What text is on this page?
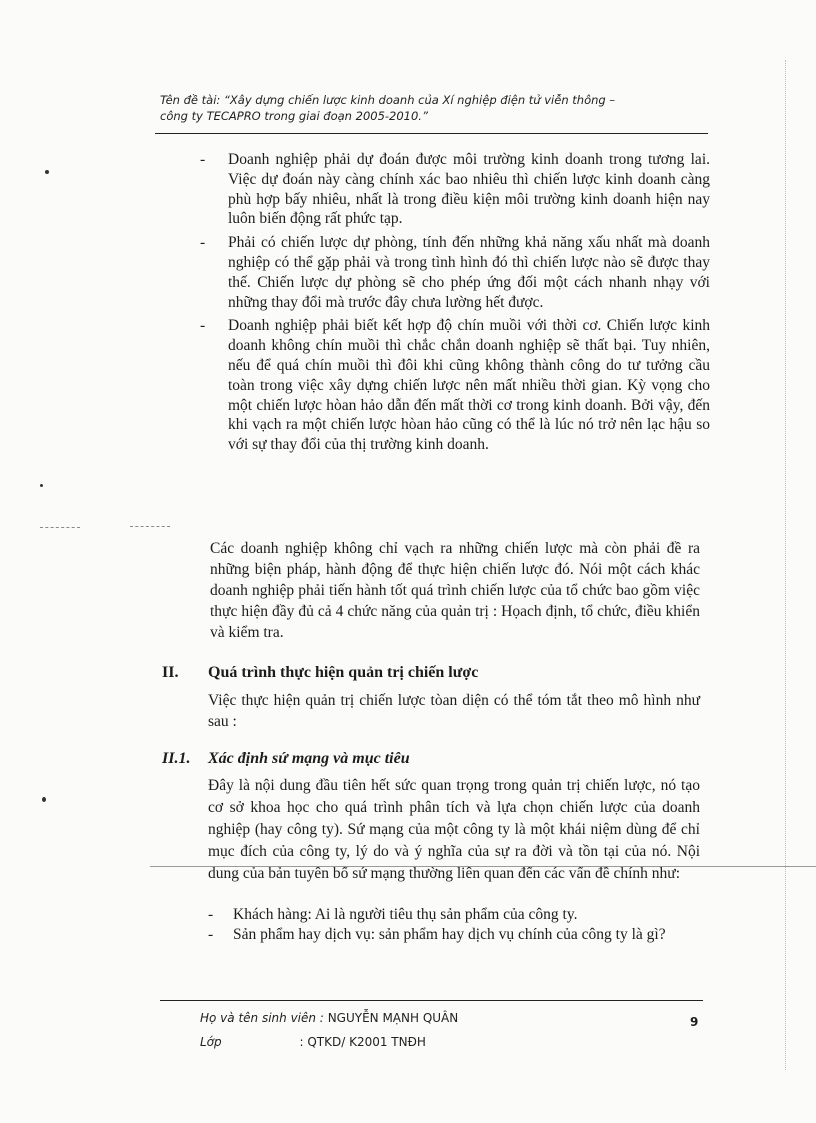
Tên đề tài: “Xây dựng chiến lược kinh doanh của Xí nghiệp điện tử viễn thông –
công ty TECAPRO trong giai đoạn 2005-2010.”
- Doanh nghiệp phải dự đoán được môi trường kinh doanh trong tương lai. Việc dự đoán này càng chính xác bao nhiêu thì chiến lược kinh doanh càng phù hợp bấy nhiêu, nhất là trong điều kiện môi trường kinh doanh hiện nay luôn biến động rất phức tạp.
- Phải có chiến lược dự phòng, tính đến những khả năng xấu nhất mà doanh nghiệp có thể gặp phải và trong tình hình đó thì chiến lược nào sẽ được thay thế. Chiến lược dự phòng sẽ cho phép ứng đối một cách nhanh nhạy với những thay đổi mà trước đây chưa lường hết được.
- Doanh nghiệp phải biết kết hợp độ chín muồi với thời cơ. Chiến lược kinh doanh không chín muồi thì chắc chắn doanh nghiệp sẽ thất bại. Tuy nhiên, nếu để quá chín muồi thì đôi khi cũng không thành công do tư tưởng cầu toàn trong việc xây dựng chiến lược nên mất nhiều thời gian. Kỳ vọng cho một chiến lược hòan hảo dẫn đến mất thời cơ trong kinh doanh. Bởi vậy, đến khi vạch ra một chiến lược hòan hảo cũng có thể là lúc nó trở nên lạc hậu so với sự thay đổi của thị trường kinh doanh.

Các doanh nghiệp không chỉ vạch ra những chiến lược mà còn phải đề ra những biện pháp, hành động để thực hiện chiến lược đó. Nói một cách khác doanh nghiệp phải tiến hành tốt quá trình chiến lược của tổ chức bao gồm việc thực hiện đầy đủ cả 4 chức năng của quản trị : Họach định, tổ chức, điều khiển và kiểm tra.

II. Quá trình thực hiện quản trị chiến lược

Việc thực hiện quản trị chiến lược tòan diện có thể tóm tắt theo mô hình như sau :

II.1. Xác định sứ mạng và mục tiêu

Đây là nội dung đầu tiên hết sức quan trọng trong quản trị chiến lược, nó tạo cơ sở khoa học cho quá trình phân tích và lựa chọn chiến lược của doanh nghiệp (hay công ty). Sứ mạng của một công ty là một khái niệm dùng để chỉ mục đích của công ty, lý do và ý nghĩa của sự ra đời và tồn tại của nó. Nội dung của bản tuyên bố sứ mạng thường liên quan đến các vấn đề chính như:

- Khách hàng: Ai là người tiêu thụ sản phẩm của công ty.
- Sản phẩm hay dịch vụ: sản phẩm hay dịch vụ chính của công ty là gì?
Họ và tên sinh viên : NGUYỄN MẠNH QUÂN
Lớp	: QTKD/ K2001 TNĐH
9
